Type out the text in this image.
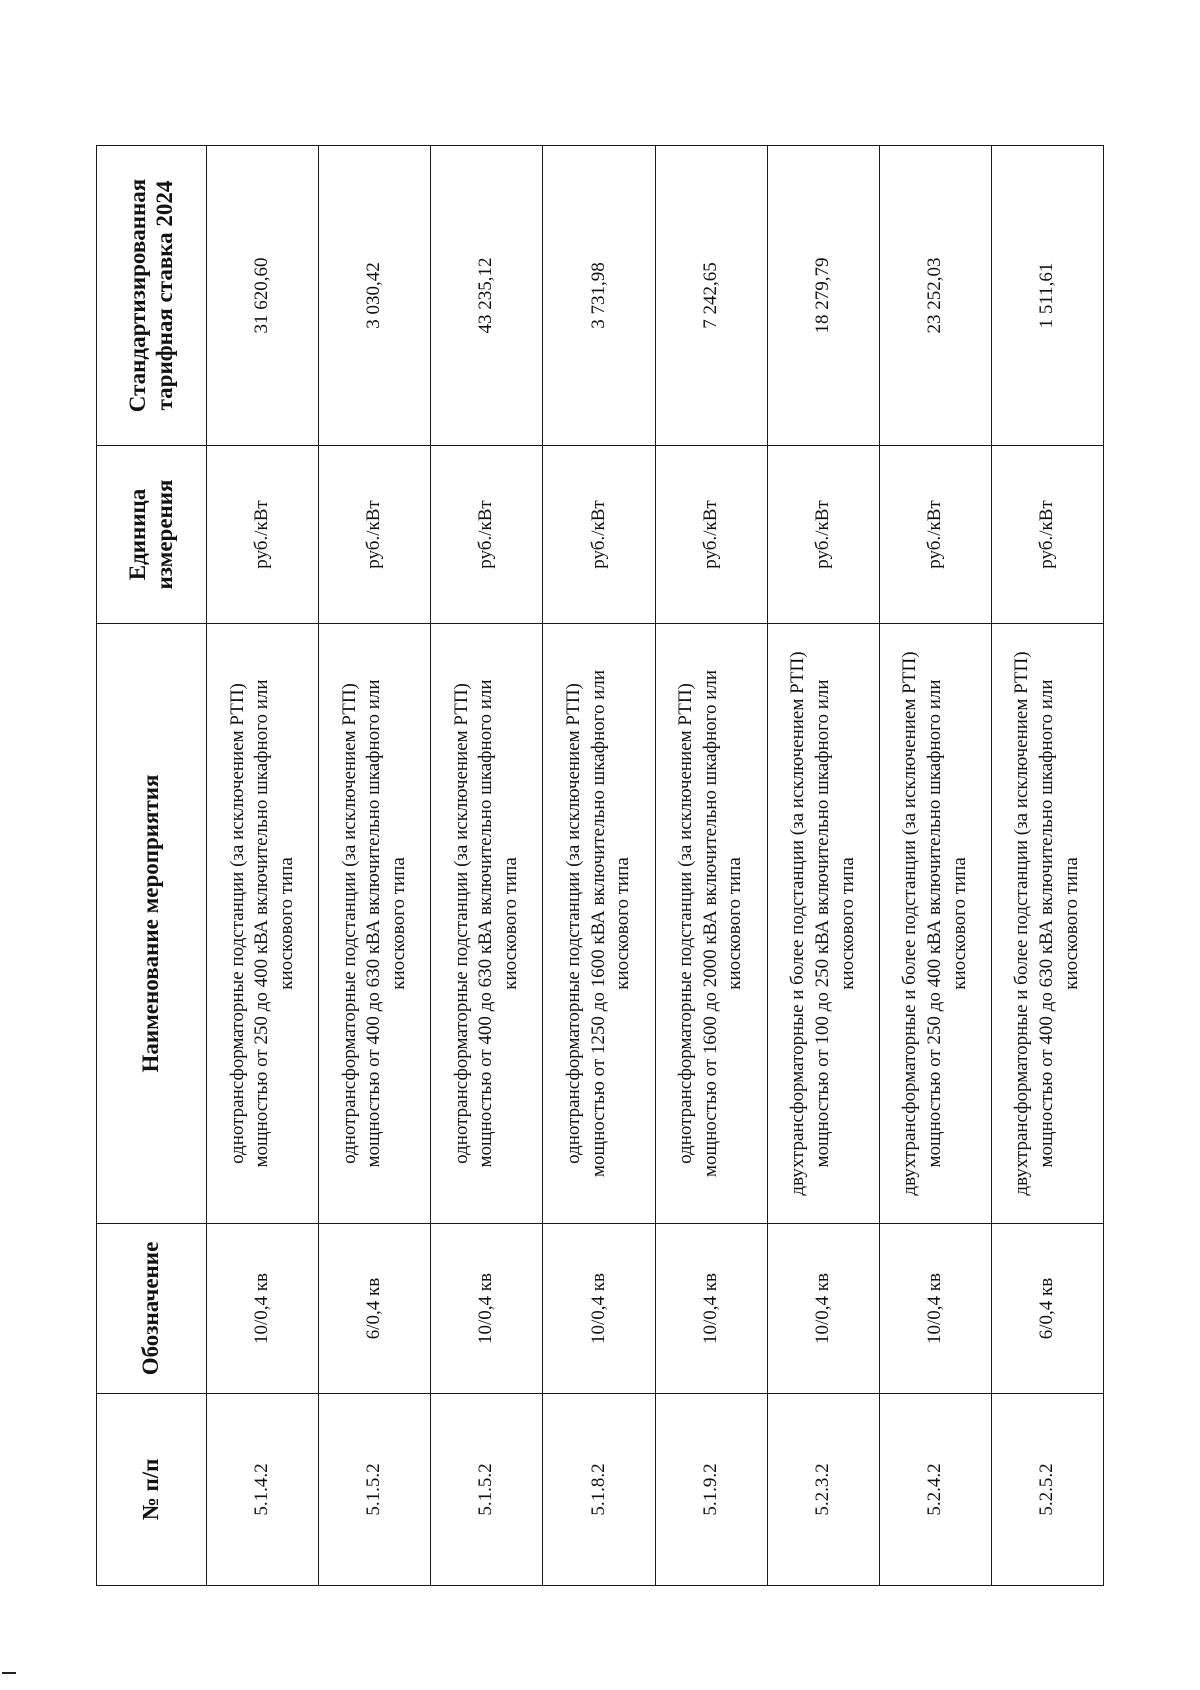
№ п/п	Обозначение	Наименование мероприятия	Единица измерения	Стандартизированная тарифная ставка 2024
5.1.4.2	10/0,4 кв	однотрансформаторные подстанции (за исключением РТП) мощностью от 250 до 400 кВА включительно шкафного или киоскового типа	руб./кВт	31 620,60
5.1.5.2	6/0,4 кв	однотрансформаторные подстанции (за исключением РТП) мощностью от 400 до 630 кВА включительно шкафного или киоскового типа	руб./кВт	3 030,42
5.1.5.2	10/0,4 кв	однотрансформаторные подстанции (за исключением РТП) мощностью от 400 до 630 кВА включительно шкафного или киоскового типа	руб./кВт	43 235,12
5.1.8.2	10/0,4 кв	однотрансформаторные подстанции (за исключением РТП) мощностью от 1250 до 1600 кВА включительно шкафного или киоскового типа	руб./кВт	3 731,98
5.1.9.2	10/0,4 кв	однотрансформаторные подстанции (за исключением РТП) мощностью от 1600 до 2000 кВА включительно шкафного или киоскового типа	руб./кВт	7 242,65
5.2.3.2	10/0,4 кв	двухтрансформаторные и более подстанции (за исключением РТП) мощностью от 100 до 250 кВА включительно шкафного или киоскового типа	руб./кВт	18 279,79
5.2.4.2	10/0,4 кв	двухтрансформаторные и более подстанции (за исключением РТП) мощностью от 250 до 400 кВА включительно шкафного или киоскового типа	руб./кВт	23 252,03
5.2.5.2	6/0,4 кв	двухтрансформаторные и более подстанции (за исключением РТП) мощностью от 400 до 630 кВА включительно шкафного или киоскового типа	руб./кВт	1 511,61
